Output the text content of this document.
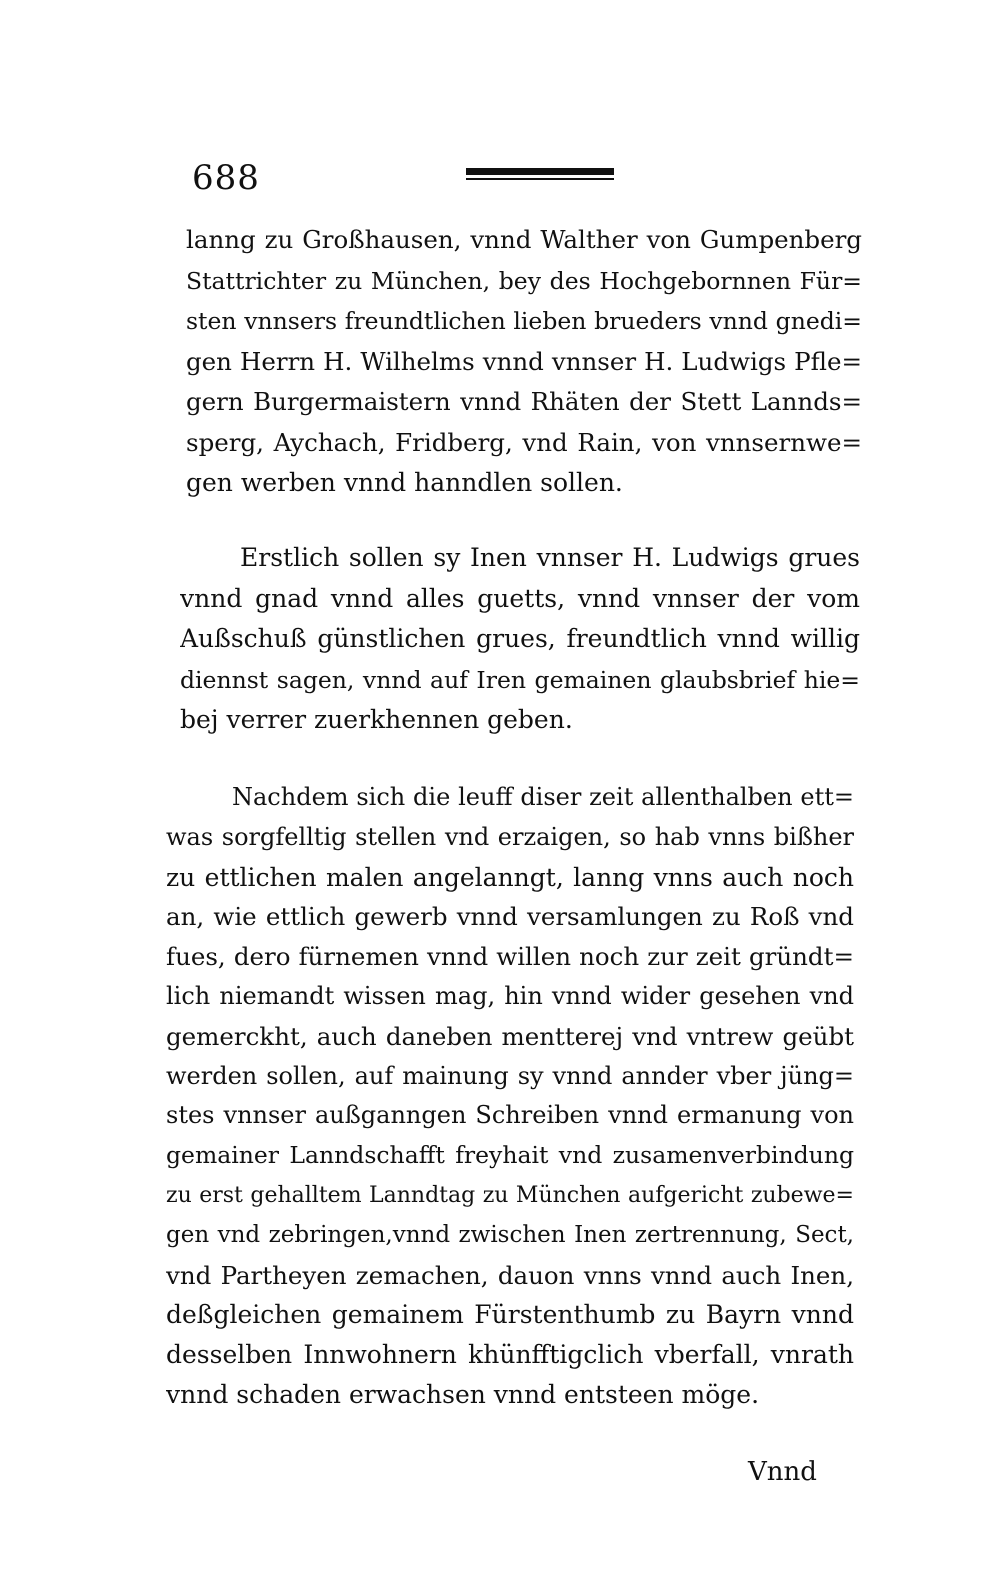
688
lanng zu Großhausen, vnnd Walther von Gumpenberg
Stattrichter zu München, bey des Hochgebornnen Für=
sten vnnsers freundtlichen lieben brueders vnnd gnedi=
gen Herrn H. Wilhelms vnnd vnnser H. Ludwigs Pfle=
gern Burgermaistern vnnd Rhäten der Stett Lannds=
sperg, Aychach, Fridberg, vnd Rain, von vnnsernwe=
gen werben vnnd hanndlen sollen.
Erstlich sollen sy Inen vnnser H. Ludwigs grues
vnnd gnad vnnd alles guetts, vnnd vnnser der vom
Außschuß günstlichen grues, freundtlich vnnd willig
diennst sagen, vnnd auf Iren gemainen glaubsbrief hie=
bej verrer zuerkhennen geben.
Nachdem sich die leuff diser zeit allenthalben ett=
was sorgfelltig stellen vnd erzaigen, so hab vnns bißher
zu ettlichen malen angelanngt, lanng vnns auch noch
an, wie ettlich gewerb vnnd versamlungen zu Roß vnd
fues, dero fürnemen vnnd willen noch zur zeit gründt=
lich niemandt wissen mag, hin vnnd wider gesehen vnd
gemerckht, auch daneben mentterej vnd vntrew geübt
werden sollen, auf mainung sy vnnd annder vber jüng=
stes vnnser außganngen Schreiben vnnd ermanung von
gemainer Lanndschafft freyhait vnd zusamenverbindung
zu erst gehalltem Lanndtag zu München aufgericht zubewe=
gen vnd zebringen,vnnd zwischen Inen zertrennung, Sect,
vnd Partheyen zemachen, dauon vnns vnnd auch Inen,
deßgleichen gemainem Fürstenthumb zu Bayrn vnnd
desselben Innwohnern khünfftigclich vberfall, vnrath
vnnd schaden erwachsen vnnd entsteen möge.
Vnnd
